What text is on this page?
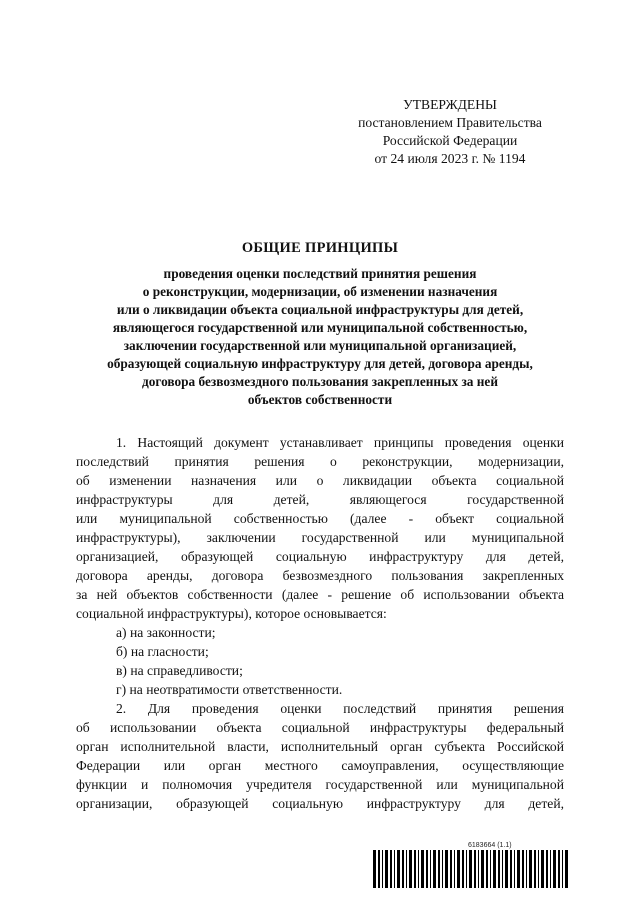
УТВЕРЖДЕНЫ
постановлением Правительства
Российской Федерации
от 24 июля 2023 г. № 1194
ОБЩИЕ ПРИНЦИПЫ
проведения оценки последствий принятия решения
о реконструкции, модернизации, об изменении назначения
или о ликвидации объекта социальной инфраструктуры для детей,
являющегося государственной или муниципальной собственностью,
заключении государственной или муниципальной организацией,
образующей социальную инфраструктуру для детей, договора аренды,
договора безвозмездного пользования закрепленных за ней
объектов собственности

1. Настоящий документ устанавливает принципы проведения оценки

последствий принятия решения о реконструкции, модернизации,

об изменении назначения или о ликвидации объекта социальной

инфраструктуры для детей, являющегося государственной

или муниципальной собственностью (далее - объект социальной

инфраструктуры), заключении государственной или муниципальной

организацией, образующей социальную инфраструктуру для детей,

договора аренды, договора безвозмездного пользования закрепленных

за ней объектов собственности (далее - решение об использовании объекта

социальной инфраструктуры), которое основывается:

а) на законности;

б) на гласности;

в) на справедливости;

г) на неотвратимости ответственности.

2. Для проведения оценки последствий принятия решения

об использовании объекта социальной инфраструктуры федеральный

орган исполнительной власти, исполнительный орган субъекта Российской

Федерации или орган местного самоуправления, осуществляющие

функции и полномочия учредителя государственной или муниципальной

организации, образующей социальную инфраструктуру для детей,

6183664 (1.1)
